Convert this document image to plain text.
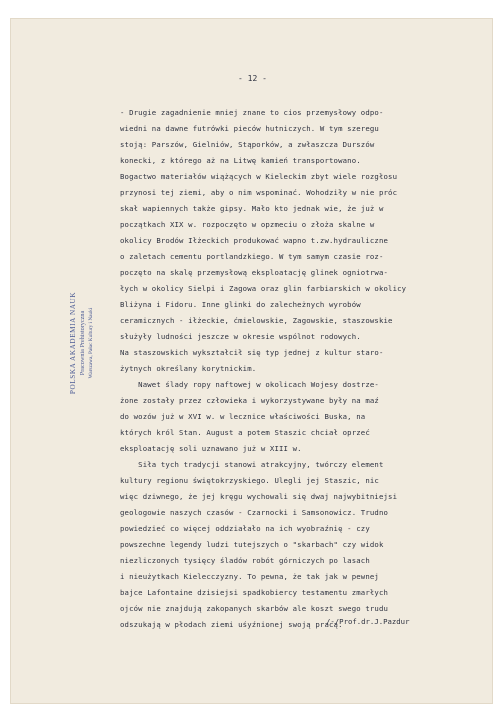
- 12 -

- Drugie zagadnienie mniej znane to cios przemysłowy odpo-

wiedni na dawne futrówki pieców hutniczych. W tym szeregu

stoją: Parszów, Gielniów, Stąporków, a zwłaszcza Durszów

konecki, z którego aż na Litwę kamień transportowano.

Bogactwo materiałów wiążących w Kieleckim zbyt wiele rozgłosu

przynosi tej ziemi, aby o nim wspominać. Wohodziły w nie próc

skał wapiennych także gipsy. Mało kto jednak wie, że już w

początkach XIX w. rozpoczęto w opzmeciu o złoża skalne w

okolicy Brodów Iłżeckich produkować wapno t.zw.hydrauliczne

o zaletach cementu portlandzkiego. W tym samym czasie roz-

poczęto na skalę przemysłową eksploatację glinek ogniotrwa-

łych w okolicy Sielpi i Zagowa oraz glin farbiarskich w okolicy

Bliżyna i Fidoru. Inne glinki do zalecheżnych wyrobów

ceramicznych - iłżeckie, ćmielowskie, Zagowskie, staszowskie

służyły ludności jeszcze w okresie wspólnot rodowych.

Na staszowskich wykształcił się typ jednej z kultur staro-

żytnych określany korytnickim.

Nawet ślady ropy naftowej w okolicach Wojesy dostrze-

żone zostały przez człowieka i wykorzystywane były na maź

do wozów już w XVI w. w lecznice właściwości Buska, na

których król Stan. August a potem Staszic chciał oprzeć

eksploatację soli uznawano już w XIII w.

Siła tych tradycji stanowi atrakcyjny, twórczy element

kultury regionu świętokrzyskiego. Ulegli jej Staszic, nic

więc dziwnego, że jej kręgu wychowali się dwaj najwybitniejsi

geologowie naszych czasów - Czarnocki i Samsonowicz. Trudno

powiedzieć co więcej oddziałało na ich wyobraźnię - czy

powszechne legendy ludzi tutejszych o "skarbach" czy widok

niezliczonych tysięcy śladów robót górniczych po lasach

i nieużytkach Kielecczyzny. To pewna, że tak jak w pewnej

bajce Lafontaine dzisiejsi spadkobiercy testamentu zmarłych

ojców nie znajdują zakopanych skarbów ale koszt swego trudu

odszukają w płodach ziemi uśyźnionej swoją pracą.

/-/Prof.dr.J.Pazdur
POLSKA AKADEMIA NAUK Pracownia Prehistoryczna Warszawa, Pałac Kultury i Nauki
